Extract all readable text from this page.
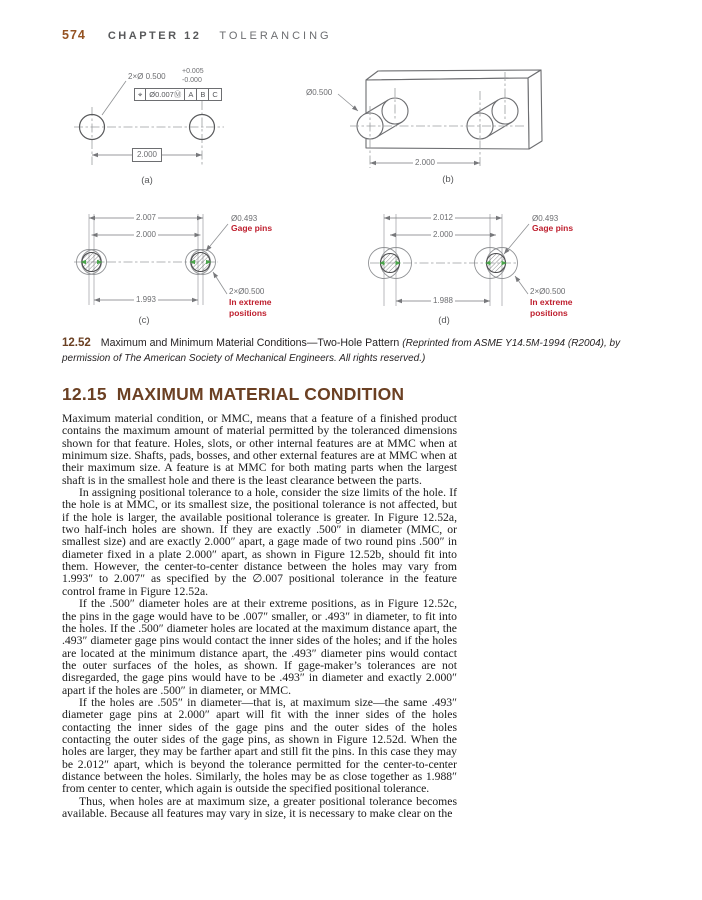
574 CHAPTER 12 TOLERANCING
2×Ø 0.500
+0.005
-0.000
⌖ Ø0.007Ⓜ A B C
2.000
(a)
Ø0.500
2.000
(b)
2.007
2.000
1.993
Ø0.493
Gage pins
2×Ø0.500
In extreme
positions
(c)
2.012
2.000
1.988
Ø0.493
Gage pins
2×Ø0.500
In extreme
positions
(d)
12.52 Maximum and Minimum Material Conditions—Two-Hole Pattern (Reprinted from ASME Y14.5M-1994 (R2004), by permission of The American Society of Mechanical Engineers. All rights reserved.)
12.15 MAXIMUM MATERIAL CONDITION

Maximum material condition, or MMC, means that a feature of a finished product contains the maximum amount of material permitted by the toleranced dimensions shown for that feature. Holes, slots, or other internal features are at MMC when at minimum size. Shafts, pads, bosses, and other external features are at MMC when at their maximum size. A feature is at MMC for both mating parts when the largest shaft is in the smallest hole and there is the least clearance between the parts.

In assigning positional tolerance to a hole, consider the size limits of the hole. If the hole is at MMC, or its smallest size, the positional tolerance is not affected, but if the hole is larger, the available positional tolerance is greater. In Figure 12.52a, two half-inch holes are shown. If they are exactly .500″ in diameter (MMC, or smallest size) and are exactly 2.000″ apart, a gage made of two round pins .500″ in diameter fixed in a plate 2.000″ apart, as shown in Figure 12.52b, should fit into them. However, the center-to-center distance between the holes may vary from 1.993″ to 2.007″ as specified by the ∅.007 positional tolerance in the feature control frame in Figure 12.52a.

If the .500″ diameter holes are at their extreme positions, as in Figure 12.52c, the pins in the gage would have to be .007″ smaller, or .493″ in diameter, to fit into the holes. If the .500″ diameter holes are located at the maximum distance apart, the .493″ diameter gage pins would contact the inner sides of the holes; and if the holes are located at the minimum distance apart, the .493″ diameter pins would contact the outer surfaces of the holes, as shown. If gage-maker’s tolerances are not disregarded, the gage pins would have to be .493″ in diameter and exactly 2.000″ apart if the holes are .500″ in diameter, or MMC.

If the holes are .505″ in diameter—that is, at maximum size—the same .493″ diameter gage pins at 2.000″ apart will fit with the inner sides of the holes contacting the inner sides of the gage pins and the outer sides of the holes contacting the outer sides of the gage pins, as shown in Figure 12.52d. When the holes are larger, they may be farther apart and still fit the pins. In this case they may be 2.012″ apart, which is beyond the tolerance permitted for the center-to-center distance between the holes. Similarly, the holes may be as close together as 1.988″ from center to center, which again is outside the specified positional tolerance.

Thus, when holes are at maximum size, a greater positional tolerance becomes available. Because all features may vary in size, it is necessary to make clear on the
